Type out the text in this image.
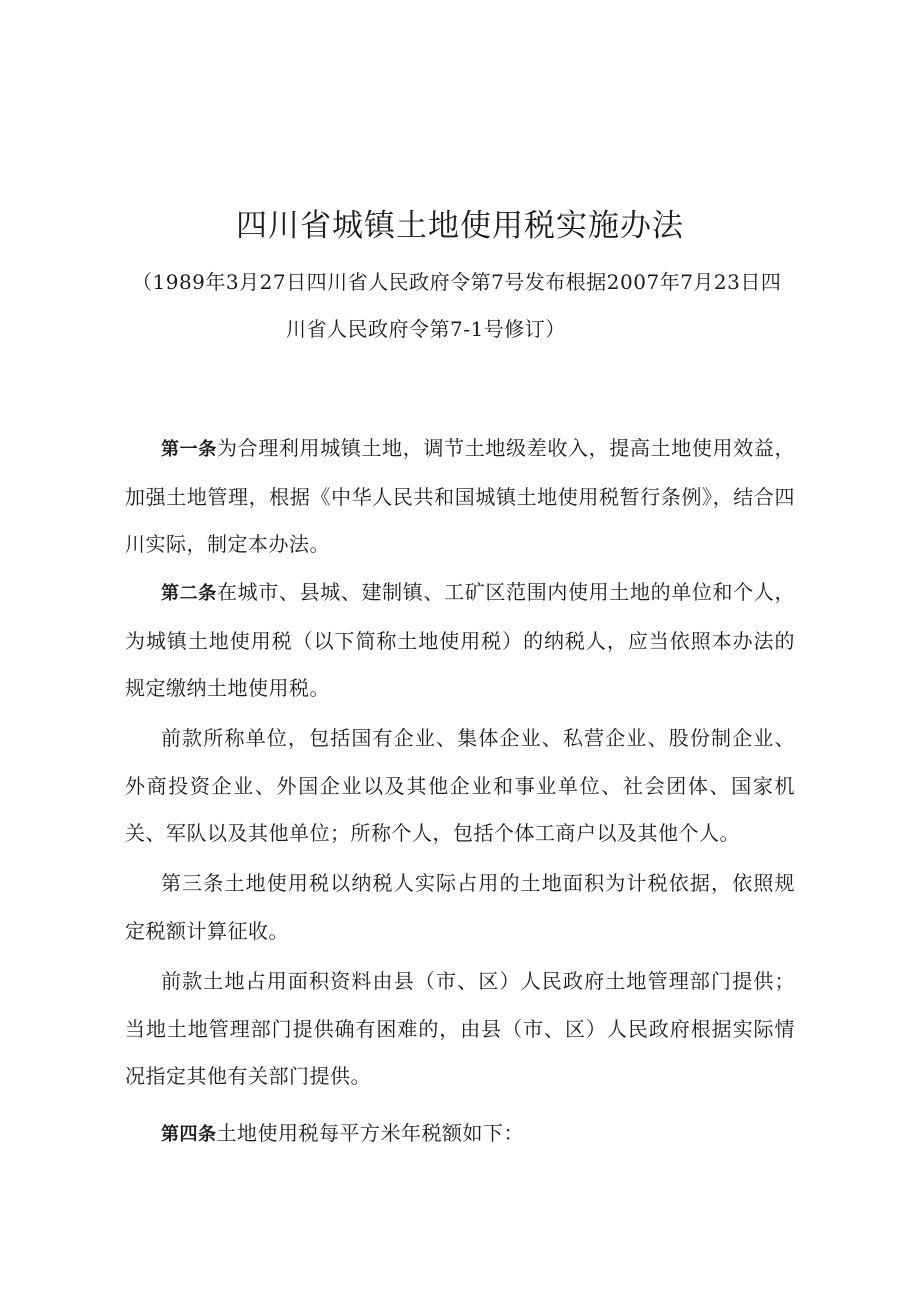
四川省城镇土地使用税实施办法
（1989年3月27日四川省人民政府令第7号发布根据2007年7月23日四
川省人民政府令第7-1号修订）

第一条为合理利用城镇土地，调节土地级差收入，提高土地使用效益，加强土地管理，根据《中华人民共和国城镇土地使用税暂行条例》，结合四川实际，制定本办法。

第二条在城市、县城、建制镇、工矿区范围内使用土地的单位和个人，为城镇土地使用税（以下简称土地使用税）的纳税人，应当依照本办法的规定缴纳土地使用税。

前款所称单位，包括国有企业、集体企业、私营企业、股份制企业、外商投资企业、外国企业以及其他企业和事业单位、社会团体、国家机关、军队以及其他单位；所称个人，包括个体工商户以及其他个人。

第三条土地使用税以纳税人实际占用的土地面积为计税依据，依照规定税额计算征收。

前款土地占用面积资料由县（市、区）人民政府土地管理部门提供；当地土地管理部门提供确有困难的，由县（市、区）人民政府根据实际情况指定其他有关部门提供。

第四条土地使用税每平方米年税额如下：
